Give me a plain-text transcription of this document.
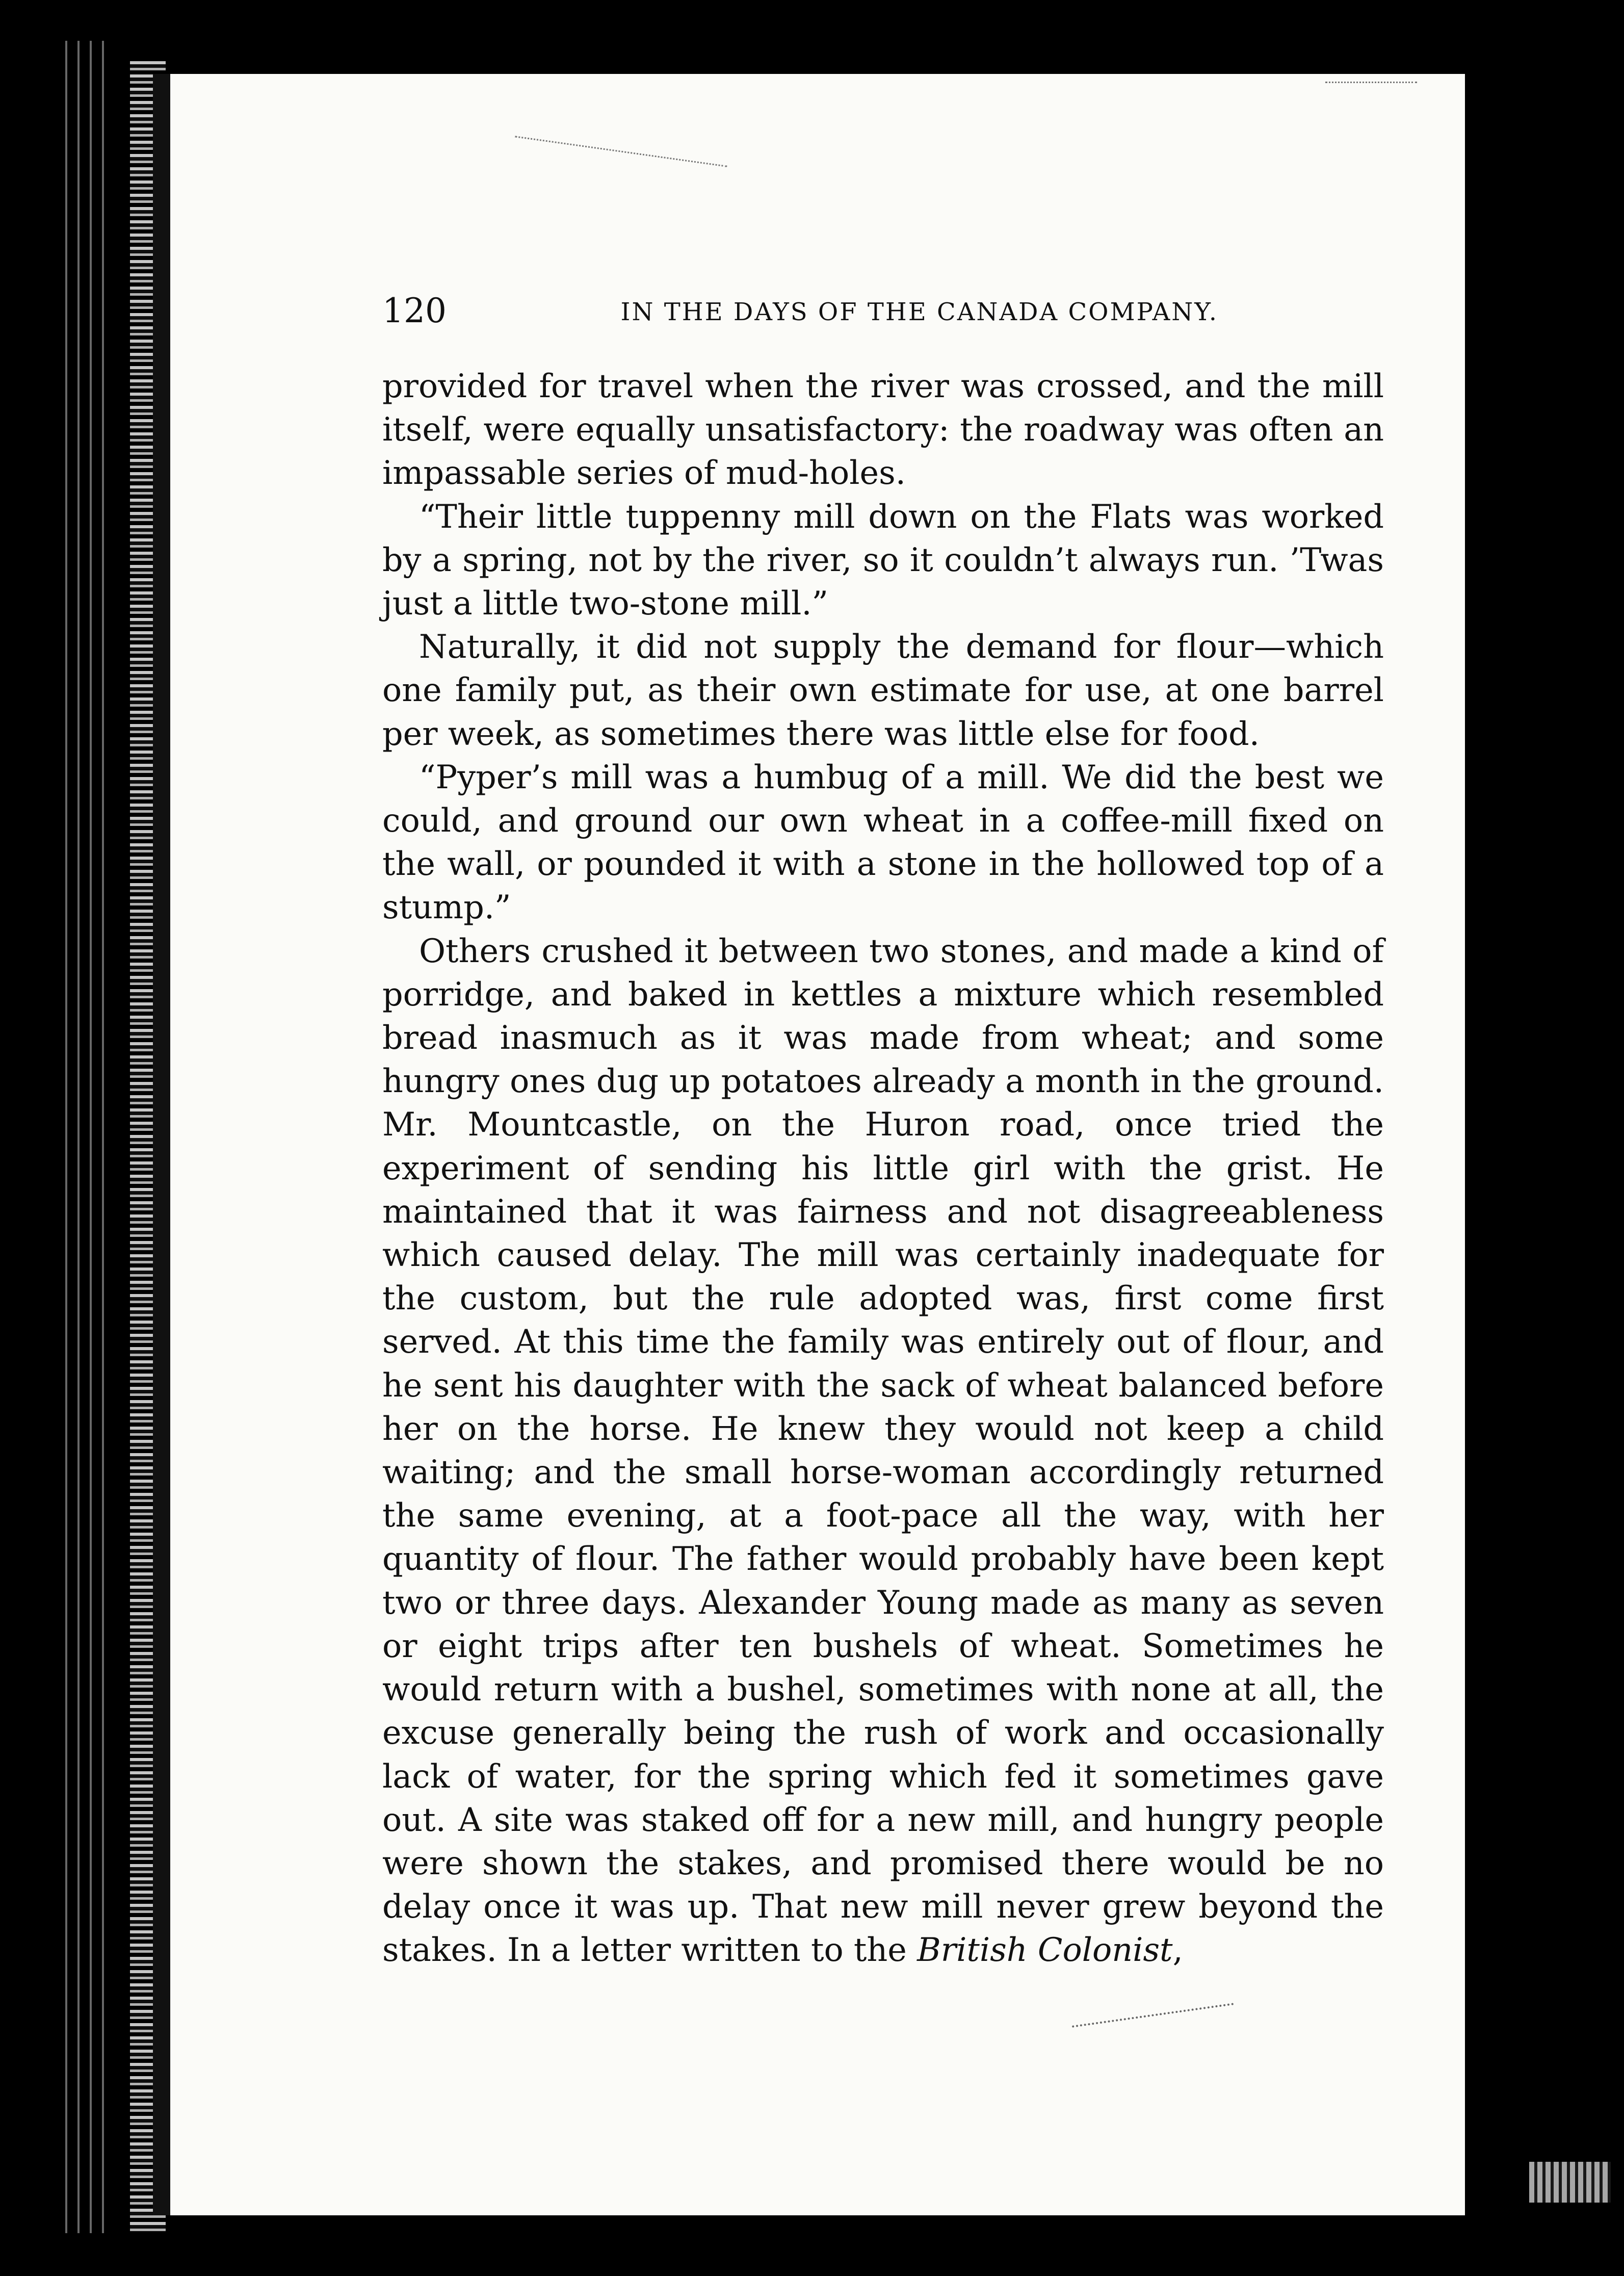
120	IN THE DAYS OF THE CANADA COMPANY.

provided for travel when the river was crossed, and the mill itself, were equally unsatisfactory: the roadway was often an impassable series of mud-holes.

“Their little tuppenny mill down on the Flats was worked by a spring, not by the river, so it couldn’t always run. ’Twas just a little two-stone mill.”

Naturally, it did not supply the demand for flour—which one family put, as their own estimate for use, at one barrel per week, as sometimes there was little else for food.

“Pyper’s mill was a humbug of a mill. We did the best we could, and ground our own wheat in a coffee-mill fixed on the wall, or pounded it with a stone in the hollowed top of a stump.”

Others crushed it between two stones, and made a kind of porridge, and baked in kettles a mixture which resembled bread inasmuch as it was made from wheat; and some hungry ones dug up potatoes already a month in the ground. Mr. Mountcastle, on the Huron road, once tried the experiment of sending his little girl with the grist. He maintained that it was fairness and not disagreeableness which caused delay. The mill was certainly inadequate for the custom, but the rule adopted was, first come first served. At this time the family was entirely out of flour, and he sent his daughter with the sack of wheat balanced before her on the horse. He knew they would not keep a child waiting; and the small horse-woman accordingly returned the same evening, at a foot-pace all the way, with her quantity of flour. The father would probably have been kept two or three days. Alexander Young made as many as seven or eight trips after ten bushels of wheat. Sometimes he would return with a bushel, sometimes with none at all, the excuse generally being the rush of work and occasionally lack of water, for the spring which fed it sometimes gave out. A site was staked off for a new mill, and hungry people were shown the stakes, and promised there would be no delay once it was up. That new mill never grew beyond the stakes. In a letter written to the British Colonist,
